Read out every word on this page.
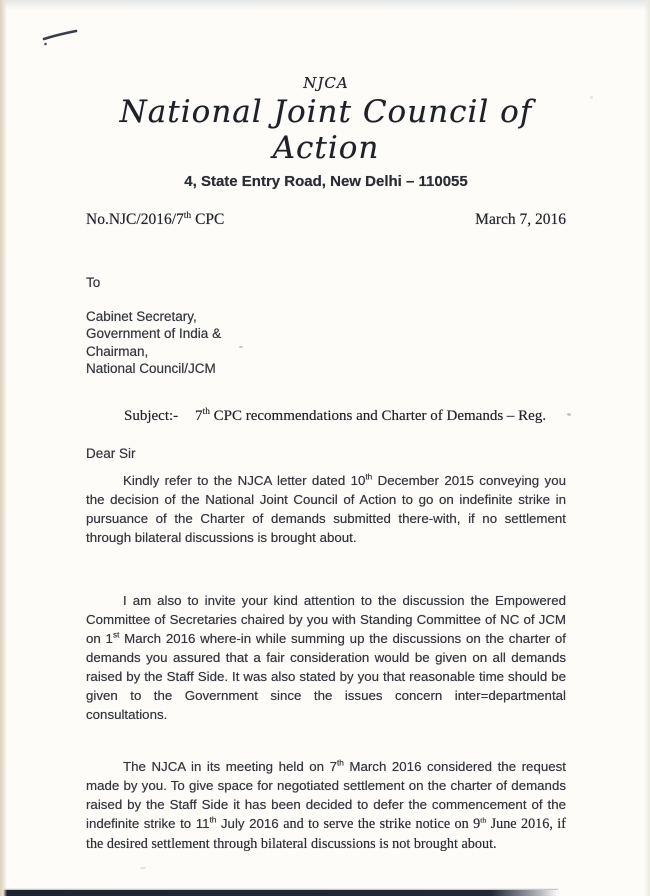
NJCA
National Joint Council of Action
4, State Entry Road, New Delhi – 110055
No.NJC/2016/7th CPC	March 7, 2016
To
Cabinet Secretary,
Government of India &
Chairman,
National Council/JCM
Subject:- 7th CPC recommendations and Charter of Demands – Reg.
Dear Sir

Kindly refer to the NJCA letter dated 10th December 2015 conveying you the decision of the National Joint Council of Action to go on indefinite strike in pursuance of the Charter of demands submitted there-with, if no settlement through bilateral discussions is brought about.

I am also to invite your kind attention to the discussion the Empowered Committee of Secretaries chaired by you with Standing Committee of NC of JCM on 1st March 2016 where-in while summing up the discussions on the charter of demands you assured that a fair consideration would be given on all demands raised by the Staff Side. It was also stated by you that reasonable time should be given to the Government since the issues concern inter=departmental consultations.

The NJCA in its meeting held on 7th March 2016 considered the request made by you. To give space for negotiated settlement on the charter of demands raised by the Staff Side it has been decided to defer the commencement of the indefinite strike to 11th July 2016 and to serve the strike notice on 9th June 2016, if the desired settlement through bilateral discussions is not brought about.
